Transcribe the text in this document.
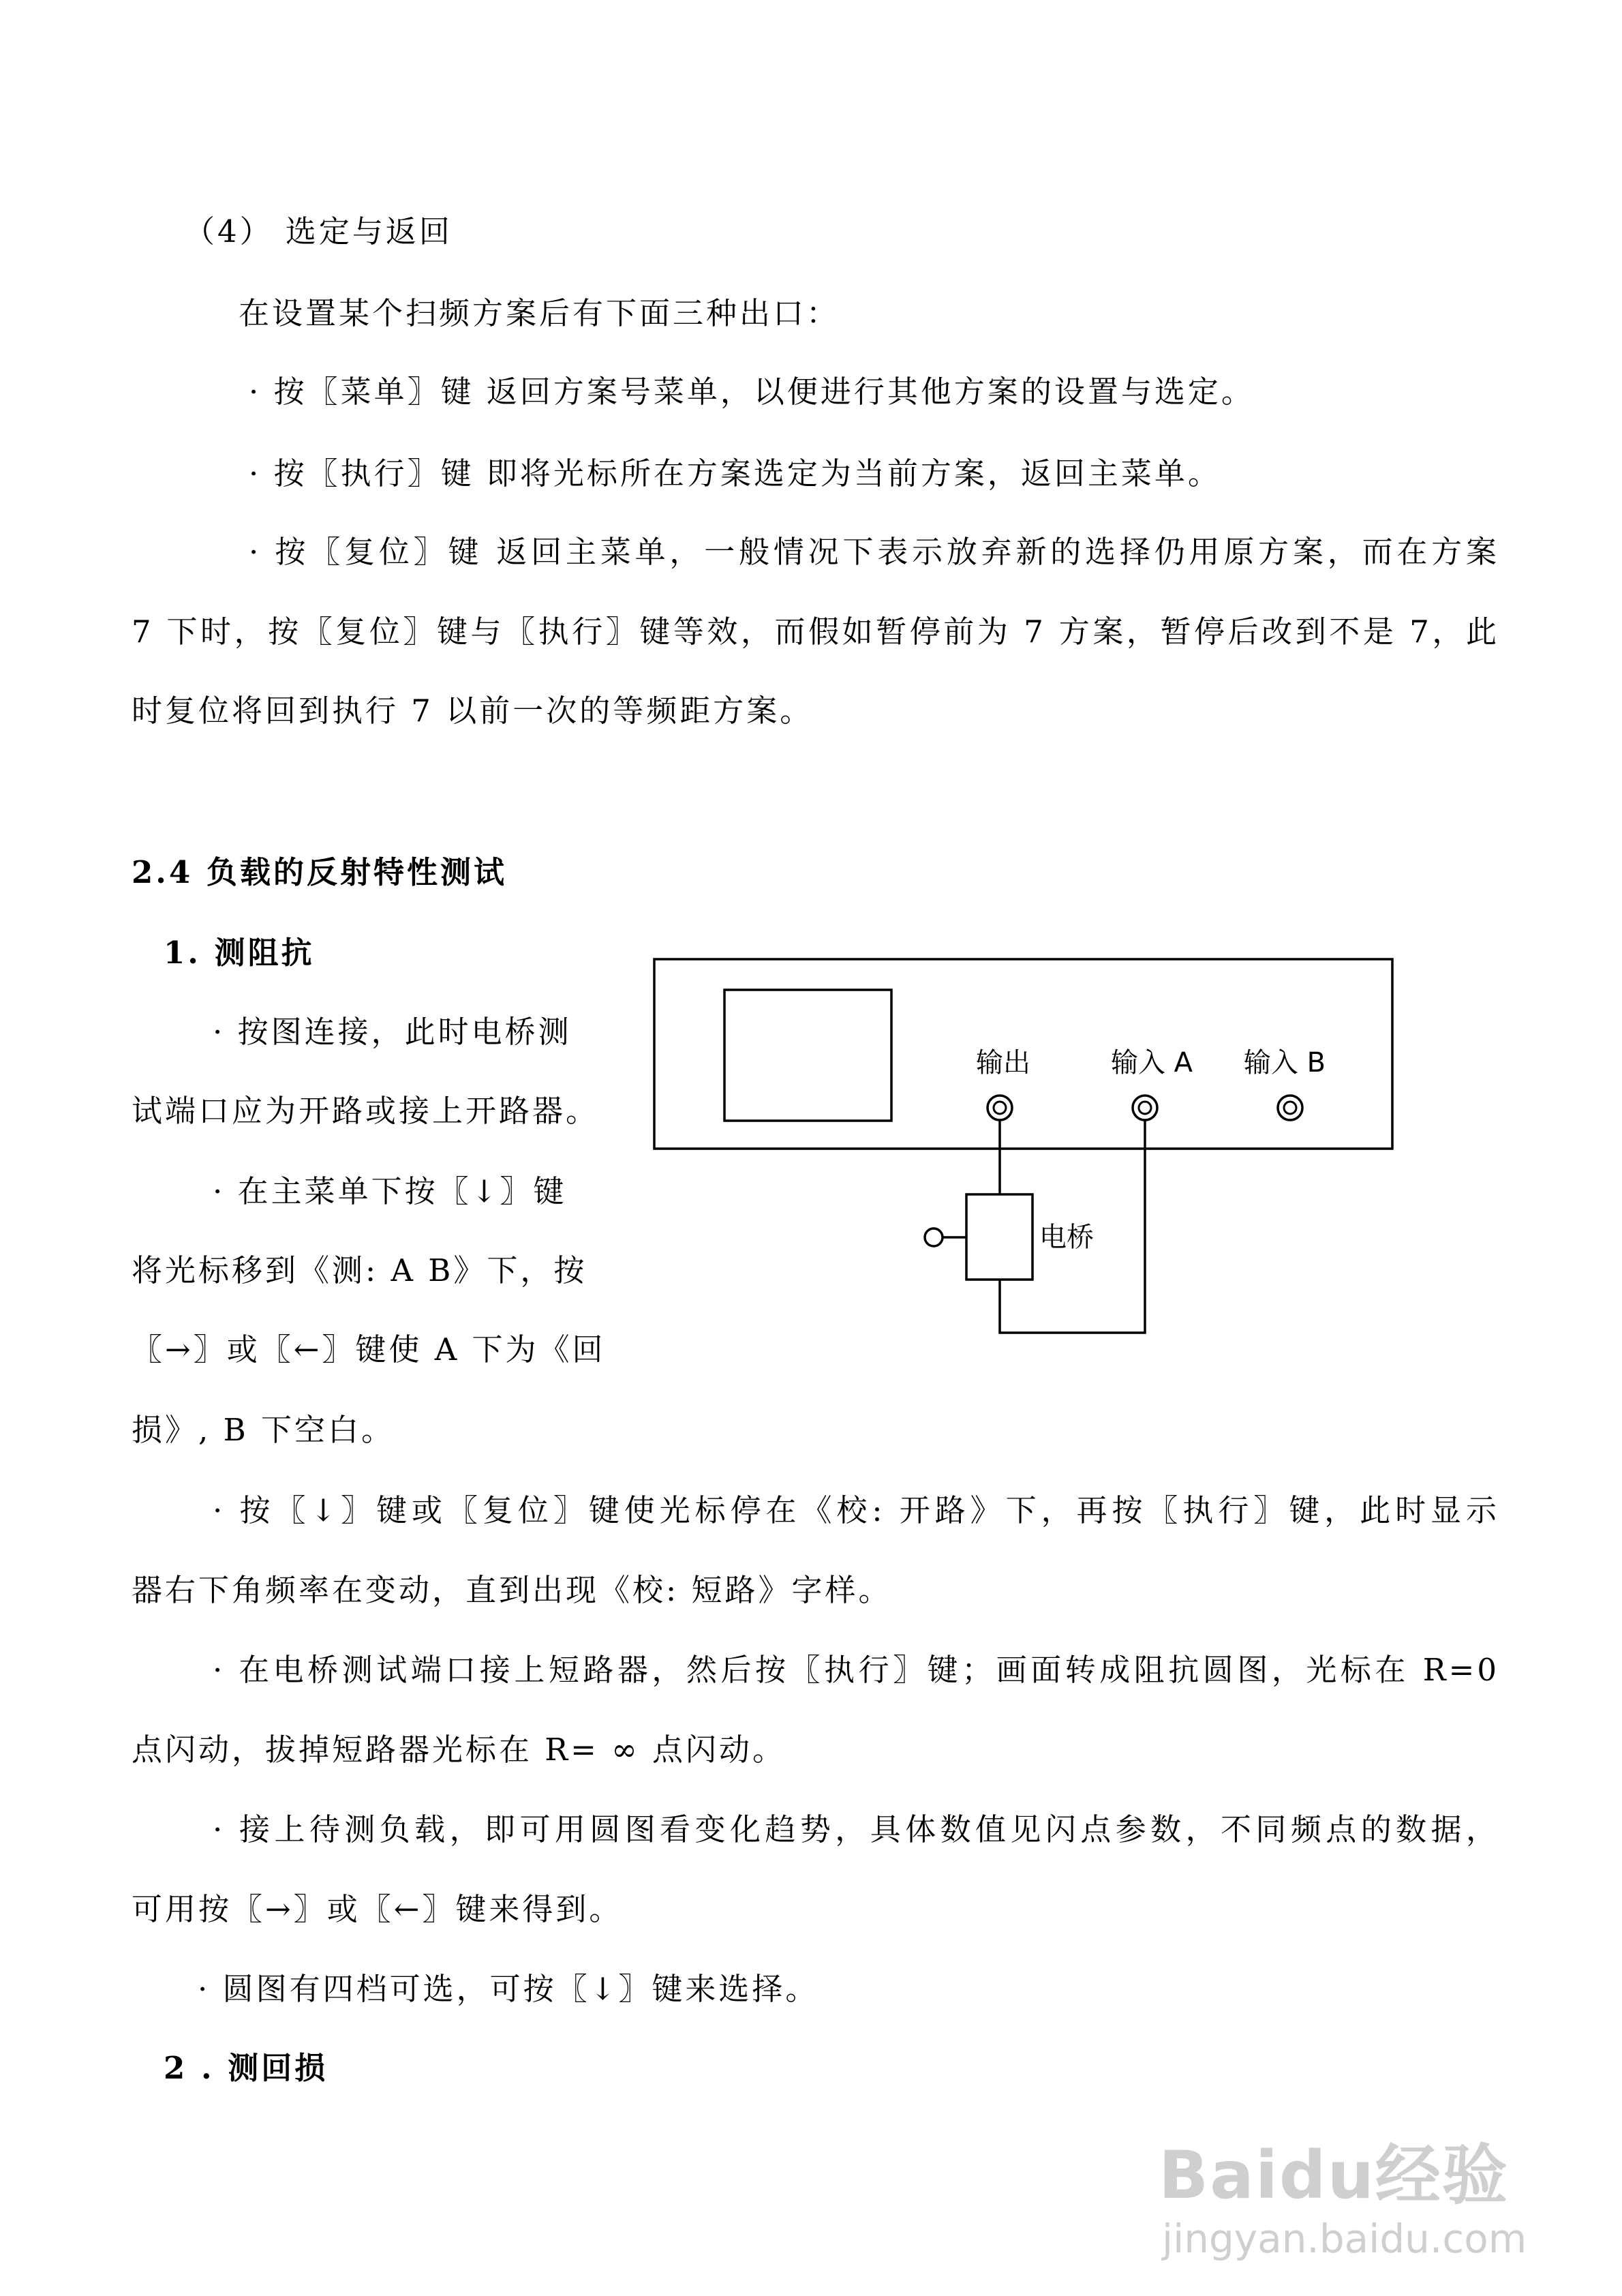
（4） 选定与返回
在设置某个扫频方案后有下面三种出口：
· 按〖菜单〗键 返回方案号菜单，以便进行其他方案的设置与选定。
· 按〖执行〗键 即将光标所在方案选定为当前方案，返回主菜单。
· 按〖复位〗键 返回主菜单，一般情况下表示放弃新的选择仍用原方案，而在方案
7 下时，按〖复位〗键与〖执行〗键等效，而假如暂停前为 7 方案，暂停后改到不是 7，此
时复位将回到执行 7 以前一次的等频距方案。
2.4 负载的反射特性测试
1. 测阻抗
· 按图连接，此时电桥测
试端口应为开路或接上开路器。
· 在主菜单下按〖↓〗键
将光标移到《测: A B》下，按
〖→〗或〖←〗键使 A 下为《回
损》, B 下空白。
· 按〖↓〗键或〖复位〗键使光标停在《校: 开路》下，再按〖执行〗键，此时显示
器右下角频率在变动，直到出现《校: 短路》字样。
· 在电桥测试端口接上短路器，然后按〖执行〗键；画面转成阻抗圆图，光标在 R=0
点闪动，拔掉短路器光标在 R= ∞ 点闪动。
· 接上待测负载，即可用圆图看变化趋势，具体数值见闪点参数，不同频点的数据，
可用按〖→〗或〖←〗键来得到。
· 圆图有四档可选，可按〖↓〗键来选择。
2 . 测回损
输出	输入 A 输入 B
电桥
Baidu经验
jingyan.baidu.com
